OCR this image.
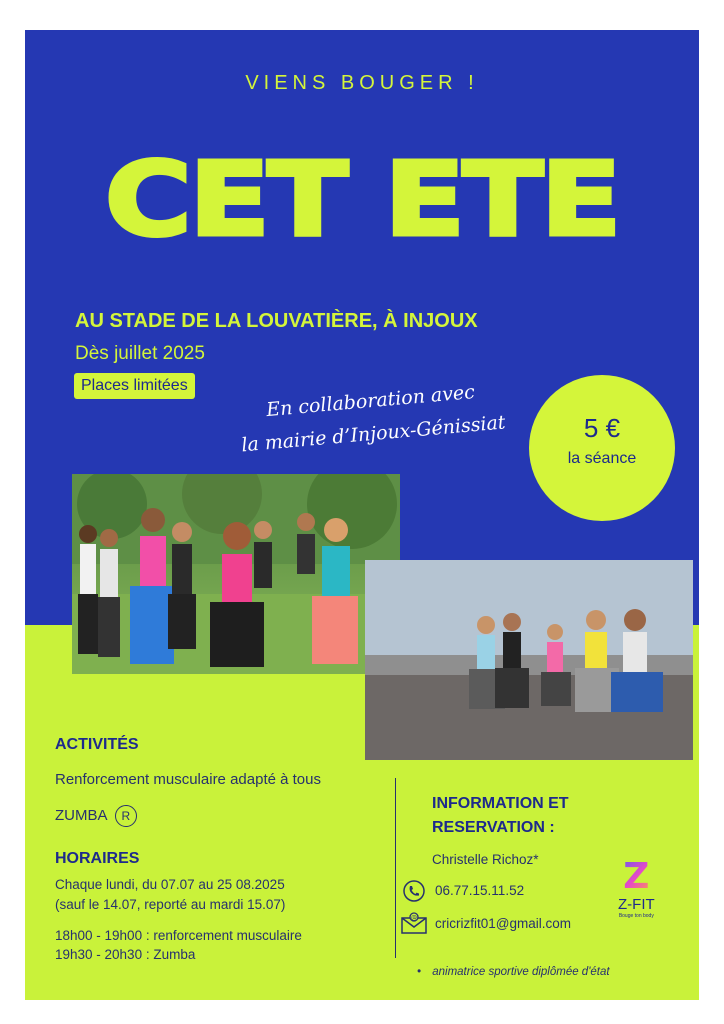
VIENS BOUGER !
CET ETE
AU STADE DE LA LOUVATIÈRE, À INJOUX
Dès juillet 2025
Places limitées	En collaboration avec
la mairie d’Injoux-Génissiat	5 €
la séance
ACTIVITÉS
Renforcement musculaire adapté à tous
ZUMBA R
HORAIRES
Chaque lundi, du 07.07 au 25 08.2025
(sauf le 14.07, reporté au mardi 15.07)
18h00 - 19h00 : renforcement musculaire
19h30 - 20h30 : Zumba
INFORMATION ET
RESERVATION :
Christelle Richoz*
06.77.15.11.52
@ cricrizfit01@gmail.com
Z
Z-FIT
Bouge ton body
• animatrice sportive diplômée d'état
